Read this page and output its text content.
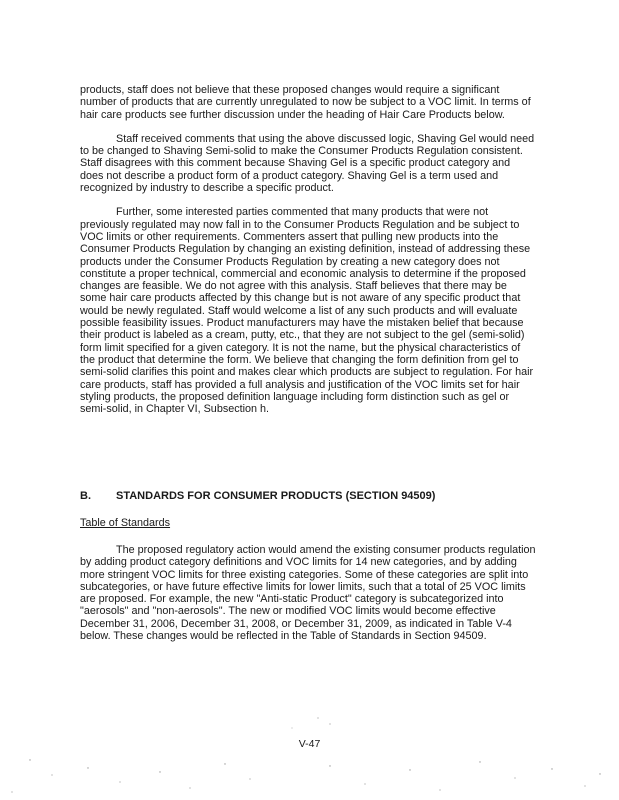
products, staff does not believe that these proposed changes would require a significant number of products that are currently unregulated to now be subject to a VOC limit. In terms of hair care products see further discussion under the heading of Hair Care Products below.

Staff received comments that using the above discussed logic, Shaving Gel would need to be changed to Shaving Semi-solid to make the Consumer Products Regulation consistent. Staff disagrees with this comment because Shaving Gel is a specific product category and does not describe a product form of a product category. Shaving Gel is a term used and recognized by industry to describe a specific product.

Further, some interested parties commented that many products that were not previously regulated may now fall in to the Consumer Products Regulation and be subject to VOC limits or other requirements. Commenters assert that pulling new products into the Consumer Products Regulation by changing an existing definition, instead of addressing these products under the Consumer Products Regulation by creating a new category does not constitute a proper technical, commercial and economic analysis to determine if the proposed changes are feasible. We do not agree with this analysis. Staff believes that there may be some hair care products affected by this change but is not aware of any specific product that would be newly regulated. Staff would welcome a list of any such products and will evaluate possible feasibility issues. Product manufacturers may have the mistaken belief that because their product is labeled as a cream, putty, etc., that they are not subject to the gel (semi-solid) form limit specified for a given category. It is not the name, but the physical characteristics of the product that determine the form. We believe that changing the form definition from gel to semi-solid clarifies this point and makes clear which products are subject to regulation. For hair care products, staff has provided a full analysis and justification of the VOC limits set for hair styling products, the proposed definition language including form distinction such as gel or semi-solid, in Chapter VI, Subsection h.

B. STANDARDS FOR CONSUMER PRODUCTS (SECTION 94509)
Table of Standards

The proposed regulatory action would amend the existing consumer products regulation by adding product category definitions and VOC limits for 14 new categories, and by adding more stringent VOC limits for three existing categories. Some of these categories are split into subcategories, or have future effective limits for lower limits, such that a total of 25 VOC limits are proposed. For example, the new "Anti-static Product" category is subcategorized into "aerosols" and "non-aerosols". The new or modified VOC limits would become effective December 31, 2006, December 31, 2008, or December 31, 2009, as indicated in Table V-4 below. These changes would be reflected in the Table of Standards in Section 94509.

V-47
